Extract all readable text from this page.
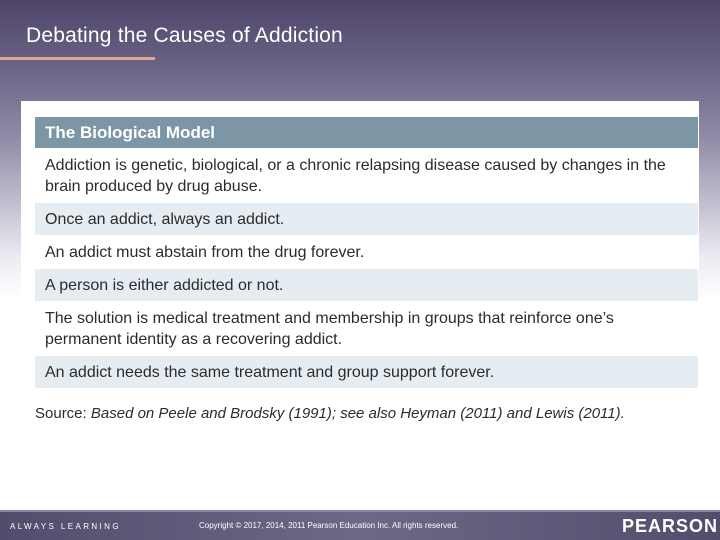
Debating the Causes of Addiction
The Biological Model
Addiction is genetic, biological, or a chronic relapsing disease caused by changes in the brain produced by drug abuse.
Once an addict, always an addict.
An addict must abstain from the drug forever.
A person is either addicted or not.
The solution is medical treatment and membership in groups that reinforce one’s permanent identity as a recovering addict.
An addict needs the same treatment and group support forever.
Source: Based on Peele and Brodsky (1991); see also Heyman (2011) and Lewis (2011).
ALWAYS LEARNING	Copyright © 2017, 2014, 2011 Pearson Education Inc. All rights reserved.	PEARSON
